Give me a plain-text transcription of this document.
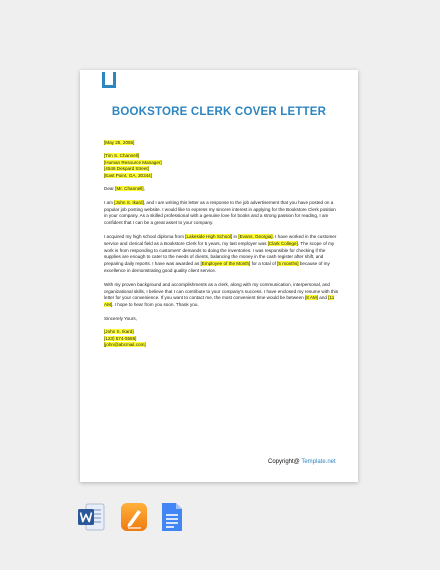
BOOKSTORE CLERK COVER LETTER
[May 25, 2055]
[Tim S. Channell]
[Human Resource Manager]
[4546 Despard Street]
[East Point, GA, 30344]
Dear [Mr. Channell],

I am [John S. Ikard], and I am writing this letter as a response to the job advertisement that you have posted on a popular job posting website. I would like to express my sincere interest in applying for the Bookstore Clerk position in your company. As a skilled professional with a genuine love for books and a strong passion for reading, I am confident that I can be a great asset to your company.

I acquired my high school diploma from [Lakeside High School] in [Evans, Georgia]. I have worked in the customer service and clerical field as a Bookstore Clerk for 5 years, my last employer was [Clark College]. The scope of my work is from responding to customers' demands to doing the inventories. I was responsible for checking if the supplies are enough to cater to the needs of clients, balancing the money in the cash register after shift, and preparing daily reports. I have was awarded as [Employee of the Month] for a total of [5 months] because of my excellence in demonstrating good quality client service.

With my proven background and accomplishments as a clerk, along with my communication, interpersonal, and organizational skills, I believe that I can contribute to your company's success. I have enclosed my resume with this letter for your convenience. If you want to contact me, the most convenient time would be between [8 AM] and [11 AM]. I hope to hear from you soon. Thank you.

Sincerely Yours,
[John S. Ikard]
[123) 574-5586]
[john@abcmail.com]
Copyright@ Template.net
